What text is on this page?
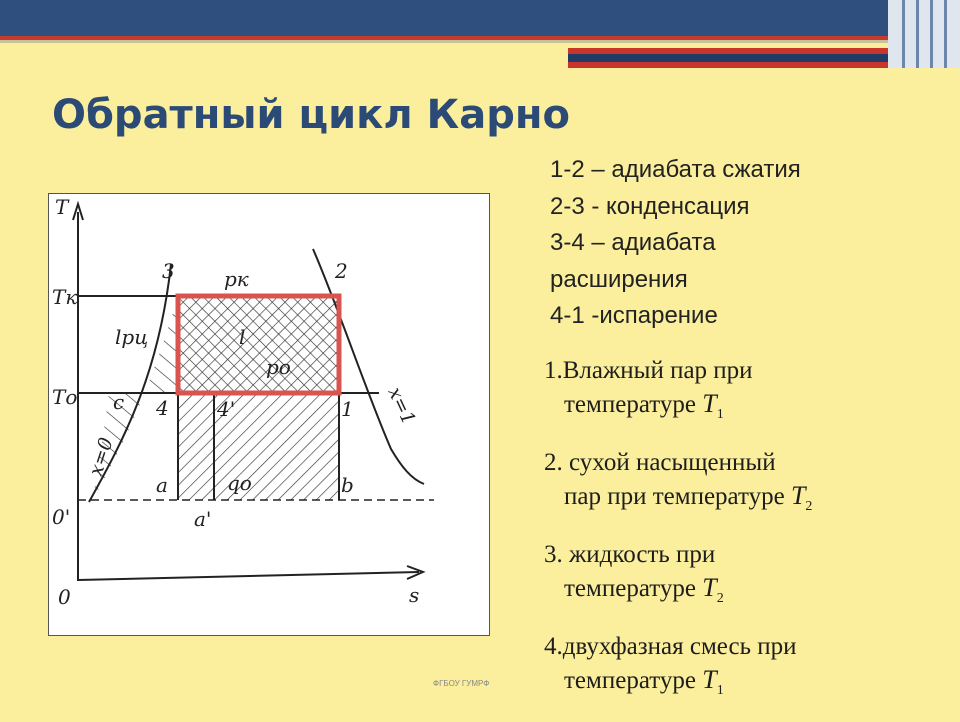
Обратный цикл Карно
1-2 – адиабата сжатия
2-3 - конденсация
3-4 – адиабата
расширения
4-1 -испарение
1.Влажный пар при
температуре $T_1$
2. сухой насыщенный
пар при температуре $T_2$
3. жидкость при
температуре $T_2$
4.двухфазная смесь при
температуре $T_1$
T
Tк
Tо
0'
0	s
3	2
pк
l
pо
lрц
4 4'	1
c
a
a'
b
qо
x=0
x=1
ФГБОУ ГУМРФ
